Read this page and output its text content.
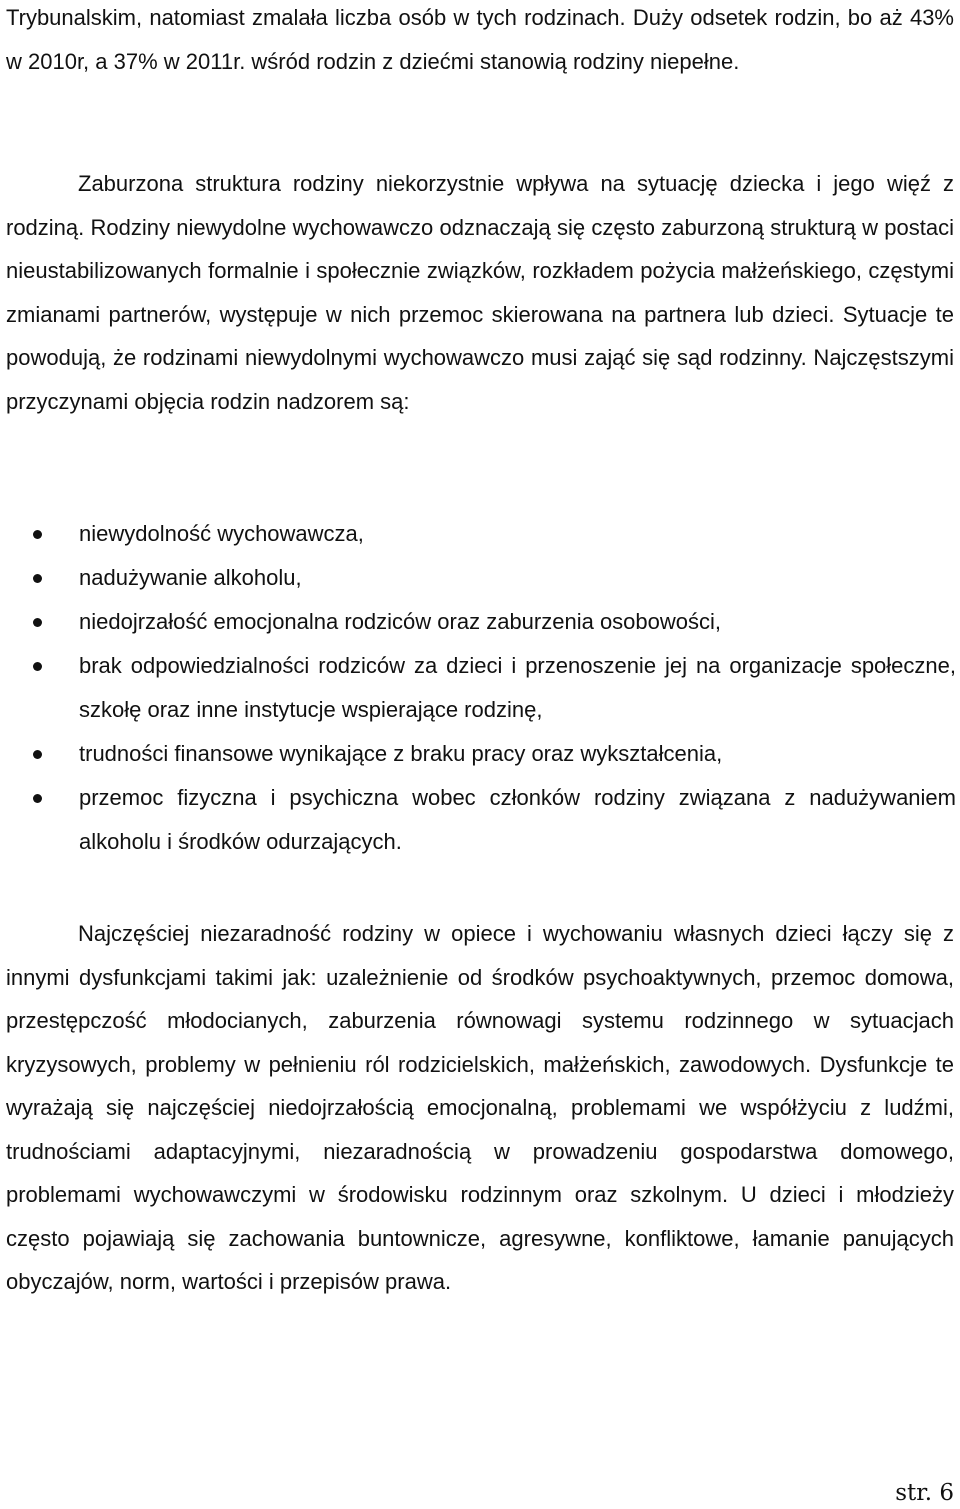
Trybunalskim, natomiast zmalała liczba osób w tych rodzinach. Duży odsetek rodzin, bo aż 43% w 2010r, a 37% w 2011r. wśród rodzin z dziećmi stanowią rodziny niepełne.

Zaburzona struktura rodziny niekorzystnie wpływa na sytuację dziecka i jego więź z rodziną. Rodziny niewydolne wychowawczo odznaczają się często zaburzoną strukturą w postaci nieustabilizowanych formalnie i społecznie związków, rozkładem pożycia małżeńskiego, częstymi zmianami partnerów, występuje w nich przemoc skierowana na partnera lub dzieci. Sytuacje te powodują, że rodzinami niewydolnymi wychowawczo musi zająć się sąd rodzinny. Najczęstszymi przyczynami objęcia rodzin nadzorem są:

niewydolność wychowawcza,
nadużywanie alkoholu,
niedojrzałość emocjonalna rodziców oraz zaburzenia osobowości,
brak odpowiedzialności rodziców za dzieci i przenoszenie jej na organizacje społeczne, szkołę oraz inne instytucje wspierające rodzinę,
trudności finansowe wynikające z braku pracy oraz wykształcenia,
przemoc fizyczna i psychiczna wobec członków rodziny związana z nadużywaniem alkoholu i środków odurzających.

Najczęściej niezaradność rodziny w opiece i wychowaniu własnych dzieci łączy się z innymi dysfunkcjami takimi jak: uzależnienie od środków psychoaktywnych, przemoc domowa, przestępczość młodocianych, zaburzenia równowagi systemu rodzinnego w sytuacjach kryzysowych, problemy w pełnieniu ról rodzicielskich, małżeńskich, zawodowych. Dysfunkcje te wyrażają się najczęściej niedojrzałością emocjonalną, problemami we współżyciu z ludźmi, trudnościami adaptacyjnymi, niezaradnością w prowadzeniu gospodarstwa domowego, problemami wychowawczymi w środowisku rodzinnym oraz szkolnym. U dzieci i młodzieży często pojawiają się zachowania buntownicze, agresywne, konfliktowe, łamanie panujących obyczajów, norm, wartości i przepisów prawa.

str. 6
